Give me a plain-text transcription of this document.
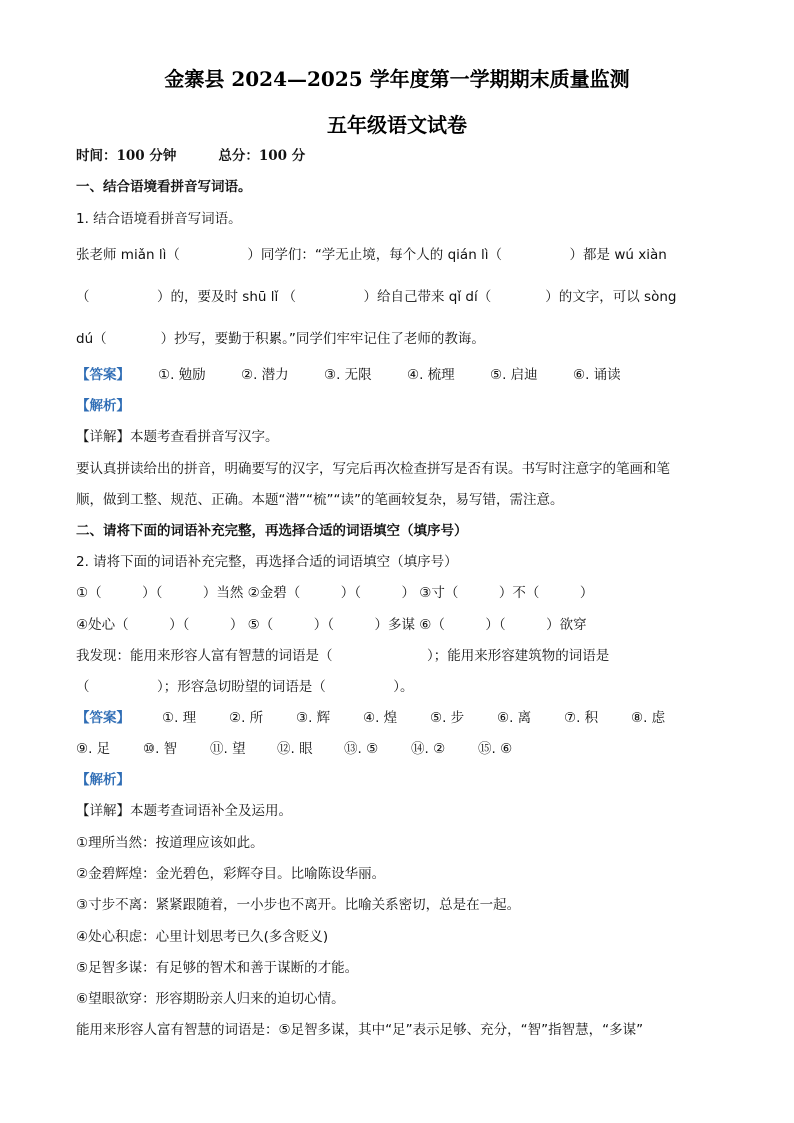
金寨县 2024—2025 学年度第一学期期末质量监测
五年级语文试卷
时间：100 分钟	总分：100 分
一、结合语境看拼音写词语。
1. 结合语境看拼音写词语。
张老师 miǎn lì（　　　　　）同学们：“学无止境，每个人的 qián lì（　　　　　）都是 wú xiàn
（　　　　　）的，要及时 shū lǐ （　　　　　）给自己带来 qǐ dí（　　　　）的文字，可以 sòng
dú（　　　　）抄写，要勤于积累。”同学们牢牢记住了老师的教诲。
【答案】 ①. 勉励	②. 潜力	③. 无限	④. 梳理	⑤. 启迪	⑥. 诵读
【解析】
【详解】本题考查看拼音写汉字。
要认真拼读给出的拼音，明确要写的汉字，写完后再次检查拼写是否有误。书写时注意字的笔画和笔
顺，做到工整、规范、正确。本题“潜”“梳”“读”的笔画较复杂，易写错，需注意。
二、请将下面的词语补充完整，再选择合适的词语填空（填序号）
2. 请将下面的词语补充完整，再选择合适的词语填空（填序号）
①（　　　）（　　　）当然 ②金碧（　　　）（　　　） ③寸（　　　）不（　　　）
④处心（　　　）（　　　） ⑤（　　　）（　　　）多谋 ⑥（　　　）（　　　）欲穿
我发现：能用来形容人富有智慧的词语是（　　　　　　　）；能用来形容建筑物的词语是
（　　　　　）；形容急切盼望的词语是（　　　　　）。
【答案】 ①. 理 ②. 所 ③. 辉 ④. 煌 ⑤. 步 ⑥. 离 ⑦. 积 ⑧. 虑
⑨. 足 ⑩. 智 ⑪. 望 ⑫. 眼 ⑬. ⑤ ⑭. ② ⑮. ⑥
【解析】
【详解】本题考查词语补全及运用。
①理所当然：按道理应该如此。
②金碧辉煌：金光碧色，彩辉夺目。比喻陈设华丽。
③寸步不离：紧紧跟随着，一小步也不离开。比喻关系密切，总是在一起。
④处心积虑：心里计划思考已久(多含贬义)
⑤足智多谋：有足够的智术和善于谋断的才能。
⑥望眼欲穿：形容期盼亲人归来的迫切心情。
能用来形容人富有智慧的词语是：⑤足智多谋，其中“足”表示足够、充分，“智”指智慧，“多谋”
